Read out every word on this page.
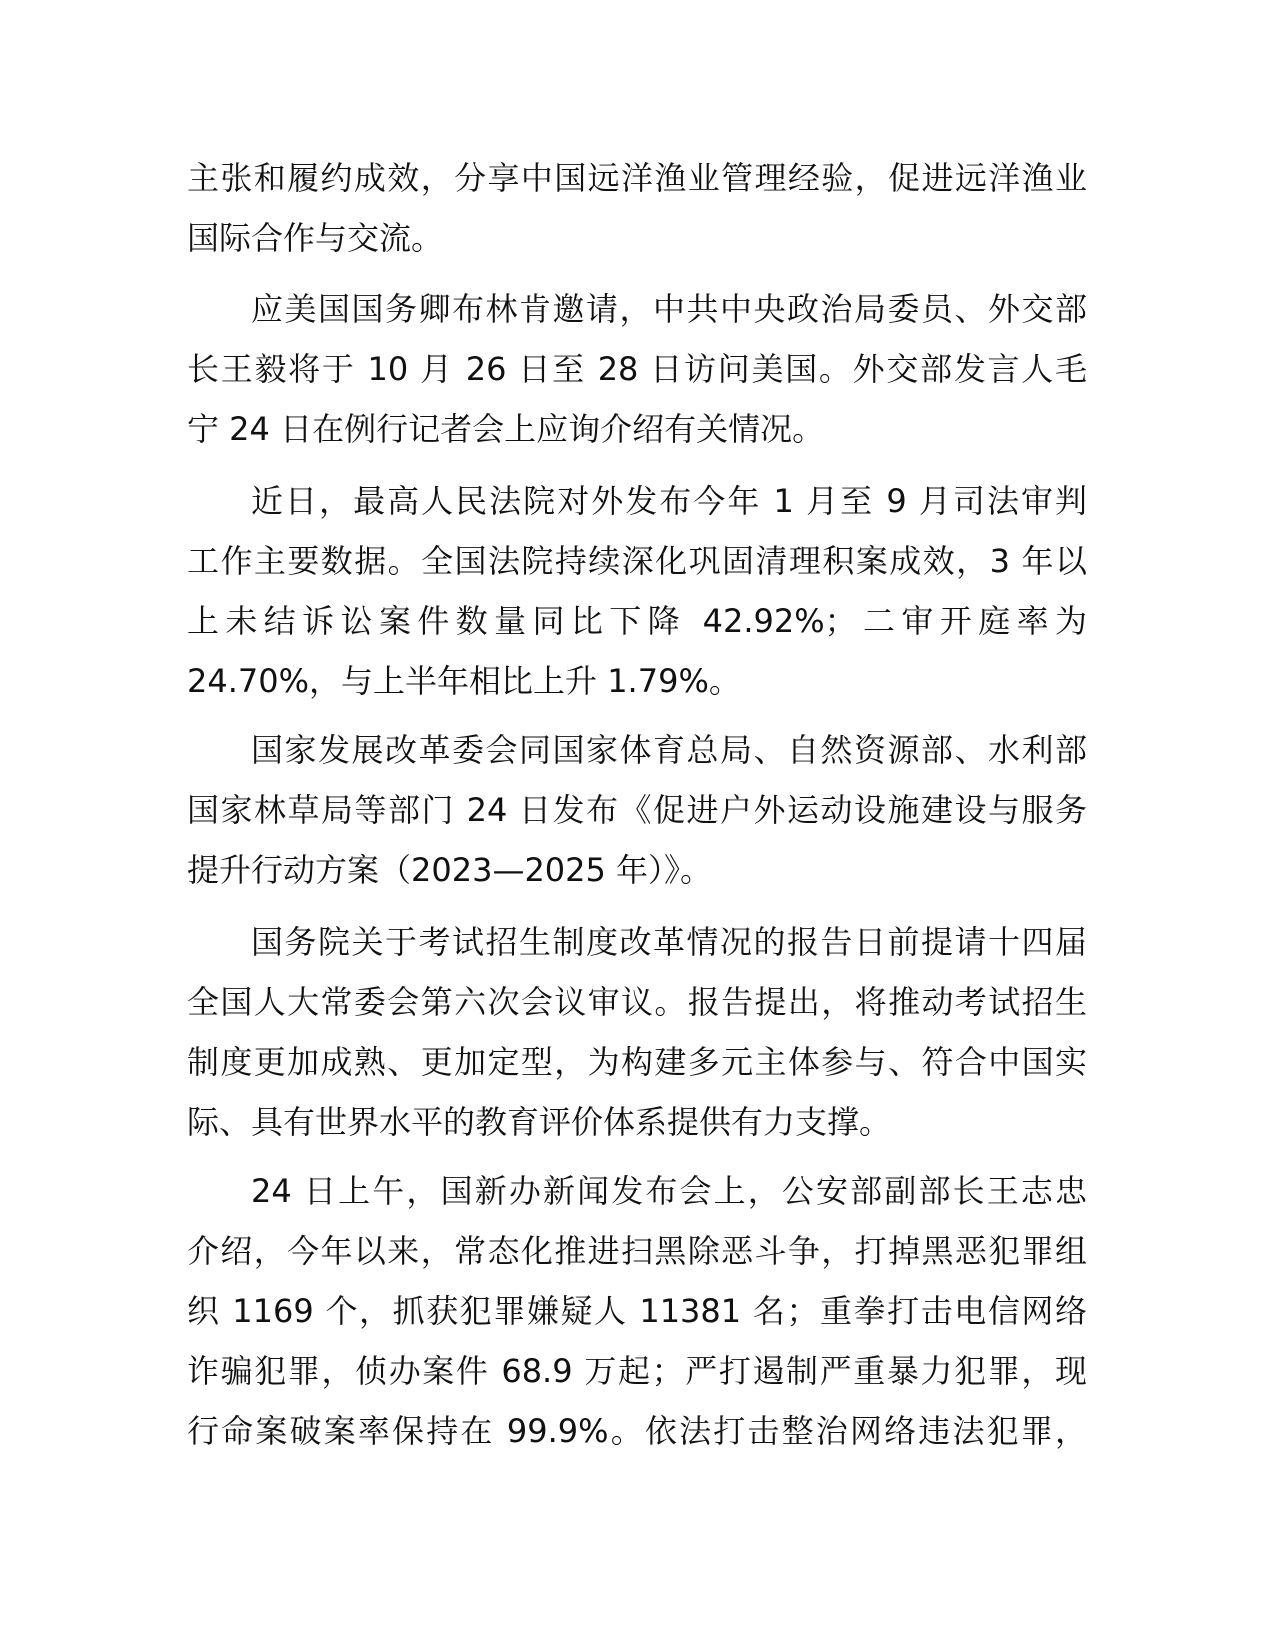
主张和履约成效，分享中国远洋渔业管理经验，促进远洋渔业
国际合作与交流。
应美国国务卿布林肯邀请，中共中央政治局委员、外交部
长王毅将于 10 月 26 日至 28 日访问美国。外交部发言人毛
宁 24 日在例行记者会上应询介绍有关情况。
近日，最高人民法院对外发布今年 1 月至 9 月司法审判
工作主要数据。全国法院持续深化巩固清理积案成效，3 年以
上未结诉讼案件数量同比下降 42.92%；二审开庭率为
24.70%，与上半年相比上升 1.79%。
国家发展改革委会同国家体育总局、自然资源部、水利部
国家林草局等部门 24 日发布《促进户外运动设施建设与服务
提升行动方案（2023—2025 年）》。
国务院关于考试招生制度改革情况的报告日前提请十四届
全国人大常委会第六次会议审议。报告提出，将推动考试招生
制度更加成熟、更加定型，为构建多元主体参与、符合中国实
际、具有世界水平的教育评价体系提供有力支撑。
24 日上午，国新办新闻发布会上，公安部副部长王志忠
介绍，今年以来，常态化推进扫黑除恶斗争，打掉黑恶犯罪组
织 1169 个，抓获犯罪嫌疑人 11381 名；重拳打击电信网络
诈骗犯罪，侦办案件 68.9 万起；严打遏制严重暴力犯罪，现
行命案破案率保持在 99.9%。依法打击整治网络违法犯罪，
